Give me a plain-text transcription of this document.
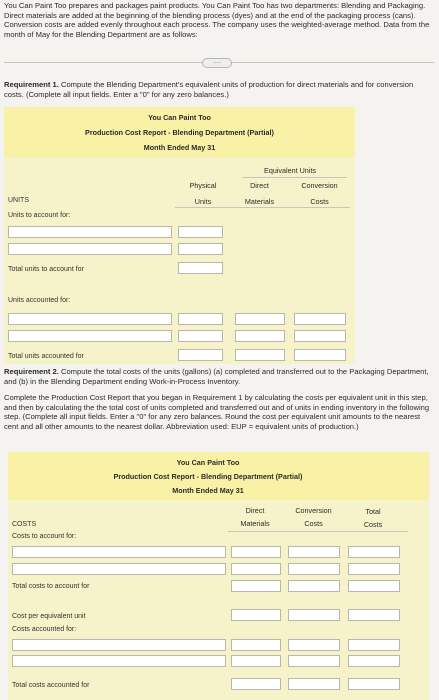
You Can Paint Too prepares and packages paint products. You Can Paint Too has two departments: Blending and Packaging. Direct materials are added at the beginning of the blending process (dyes) and at the end of the packaging process (cans). Conversion costs are added evenly throughout each process. The company uses the weighted-average method. Data from the month of May for the Blending Department are as follows:
.....
Requirement 1. Compute the Blending Department's equivalent units of production for direct materials and for conversion costs. (Complete all input fields. Enter a "0" for any zero balances.)
You Can Paint Too
Production Cost Report - Blending Department (Partial)
Month Ended May 31
Equivalent Units
Physical
Units
Direct
Materials
Conversion
Costs
UNITS
Units to account for:
Total units to account for
Units accounted for:
Total units accounted for
Requirement 2. Compute the total costs of the units (gallons) (a) completed and transferred out to the Packaging Department, and (b) in the Blending Department ending Work-in-Process Inventory.
Complete the Production Cost Report that you began in Requirement 1 by calculating the costs per equivalent unit in this step, and then by calculating the the total cost of units completed and transferred out and of units in ending inventory in the following step. (Complete all input fields. Enter a "0" for any zero balances. Round the cost per equivalent unit amounts to the nearest cent and all other amounts to the nearest dollar. Abbreviation used: EUP = equivalent units of production.)
You Can Paint Too
Production Cost Report - Blending Department (Partial)
Month Ended May 31
Direct
Materials
Conversion
Costs
Total
Costs
COSTS
Costs to account for:
Total costs to account for
Cost per equivalent unit
Costs accounted for:
Total costs accounted for
